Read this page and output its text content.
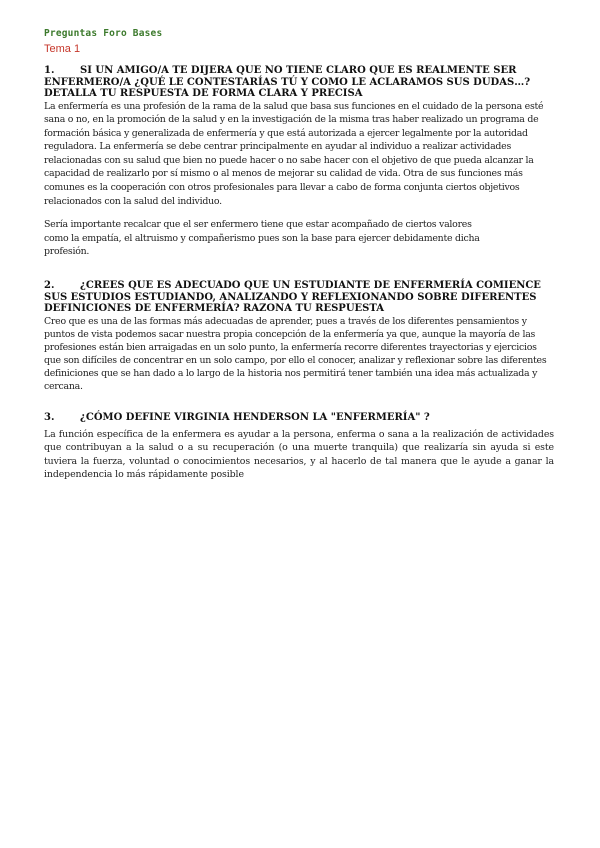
Preguntas Foro Bases
Tema 1

1.	SI UN AMIGO/A TE DIJERA QUE NO TIENE CLARO QUE ES REALMENTE SER ENFERMERO/A ¿QUÉ LE CONTESTARÍAS TÚ Y COMO LE ACLARAMOS SUS DUDAS…? DETALLA TU RESPUESTA DE FORMA CLARA Y PRECISA

La enfermería es una profesión de la rama de la salud que basa sus funciones en el cuidado de la persona esté sana o no, en la promoción de la salud y en la investigación de la misma tras haber realizado un programa de formación básica y generalizada de enfermería y que está autorizada a ejercer legalmente por la autoridad reguladora. La enfermería se debe centrar principalmente en ayudar al individuo a realizar actividades relacionadas con su salud que bien no puede hacer o no sabe hacer con el objetivo de que pueda alcanzar la capacidad de realizarlo por sí mismo o al menos de mejorar su calidad de vida. Otra de sus funciones más comunes es la cooperación con otros profesionales para llevar a cabo de forma conjunta ciertos objetivos relacionados con la salud del individuo.

Sería importante recalcar que el ser enfermero tiene que estar acompañado de ciertos valores como la empatía, el altruismo y compañerismo pues son la base para ejercer debidamente dicha profesión.

2.	¿CREES QUE ES ADECUADO QUE UN ESTUDIANTE DE ENFERMERÍA COMIENCE SUS ESTUDIOS ESTUDIANDO, ANALIZANDO Y REFLEXIONANDO SOBRE DIFERENTES DEFINICIONES DE ENFERMERÍA? RAZONA TU RESPUESTA

Creo que es una de las formas más adecuadas de aprender, pues a través de los diferentes pensamientos y puntos de vista podemos sacar nuestra propia concepción de la enfermería ya que, aunque la mayoría de las profesiones están bien arraigadas en un solo punto, la enfermería recorre diferentes trayectorias y ejercicios que son difíciles de concentrar en un solo campo, por ello el conocer, analizar y reflexionar sobre las diferentes definiciones que se han dado a lo largo de la historia nos permitirá tener también una idea más actualizada y cercana.

3.	¿CÓMO DEFINE VIRGINIA HENDERSON LA "ENFERMERÍA" ?

La función específica de la enfermera es ayudar a la persona, enferma o sana a la realización de actividades que contribuyan a la salud o a su recuperación (o una muerte tranquila) que realizaría sin ayuda si este tuviera la fuerza, voluntad o conocimientos necesarios, y al hacerlo de tal manera que le ayude a ganar la independencia lo más rápidamente posible
